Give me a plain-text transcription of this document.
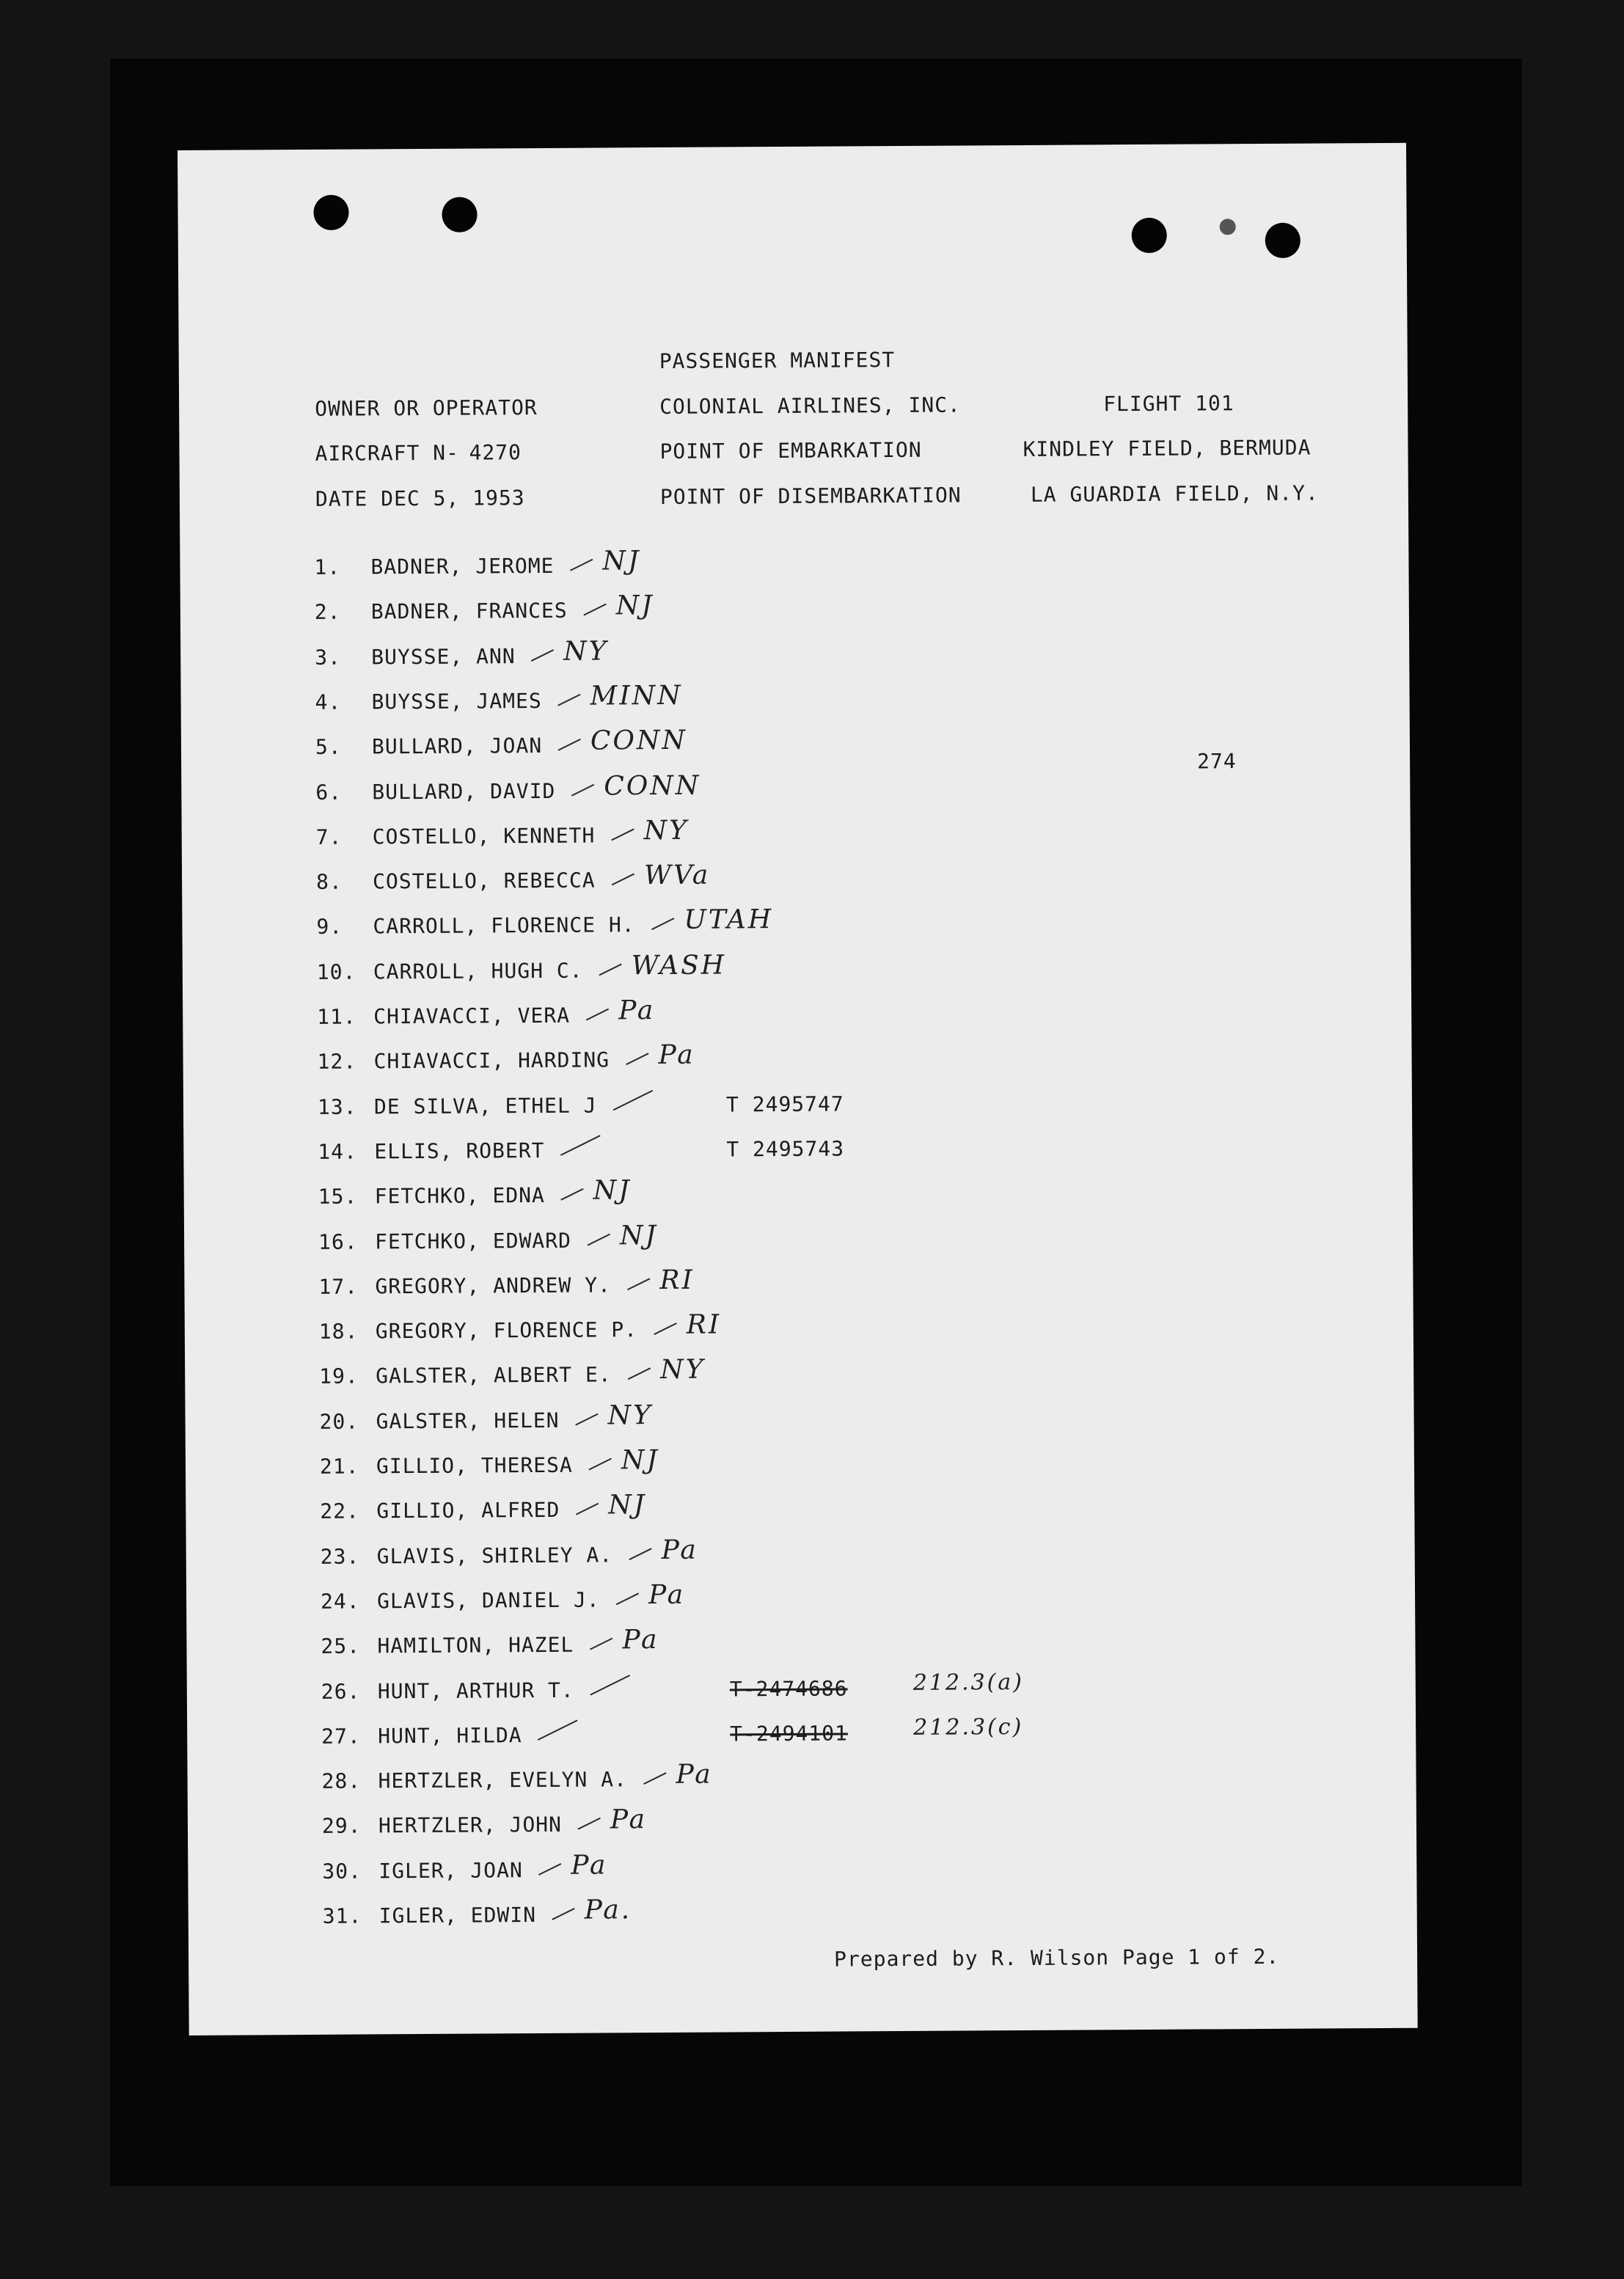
PASSENGER MANIFEST
OWNER OR OPERATOR	COLONIAL AIRLINES, INC.	FLIGHT 101
AIRCRAFT N- 4270	POINT OF EMBARKATION	KINDLEY FIELD, BERMUDA
DATE DEC 5, 1953	POINT OF DISEMBARKATION	LA GUARDIA FIELD, N.Y.
274
1. BADNER, JEROME NJ
2. BADNER, FRANCES NJ
3. BUYSSE, ANN NY
4. BUYSSE, JAMES MINN
5. BULLARD, JOAN CONN
6. BULLARD, DAVID CONN
7. COSTELLO, KENNETH NY
8. COSTELLO, REBECCA WVa
9. CARROLL, FLORENCE H. UTAH
10. CARROLL, HUGH C. WASH
11. CHIAVACCI, VERA Pa
12. CHIAVACCI, HARDING Pa
13. DE SILVA, ETHEL J	T 2495747
14. ELLIS, ROBERT	T 2495743
15. FETCHKO, EDNA NJ
16. FETCHKO, EDWARD NJ
17. GREGORY, ANDREW Y. RI
18. GREGORY, FLORENCE P. RI
19. GALSTER, ALBERT E. NY
20. GALSTER, HELEN NY
21. GILLIO, THERESA NJ
22. GILLIO, ALFRED NJ
23. GLAVIS, SHIRLEY A. Pa
24. GLAVIS, DANIEL J. Pa
25. HAMILTON, HAZEL Pa
26. HUNT, ARTHUR T.	T-2474686	212.3(a)
27. HUNT, HILDA	T-2494101	212.3(c)
28. HERTZLER, EVELYN A. Pa
29. HERTZLER, JOHN Pa
30. IGLER, JOAN Pa
31. IGLER, EDWIN Pa.
Prepared by R. Wilson Page 1 of 2.
